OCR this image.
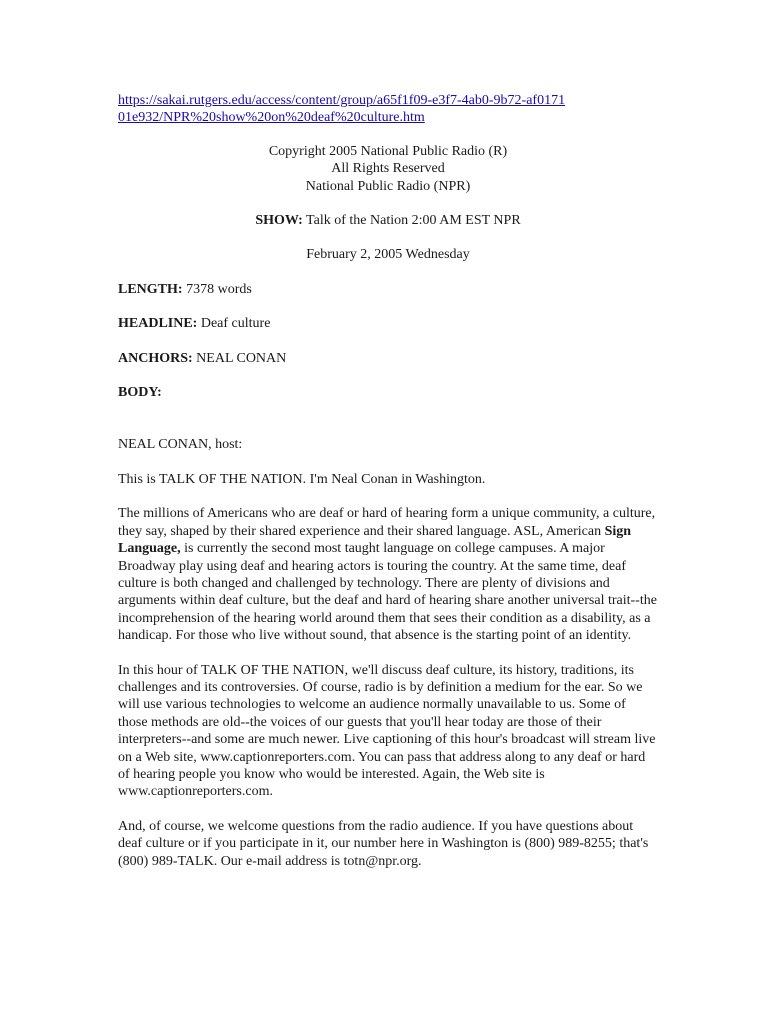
https://sakai.rutgers.edu/access/content/group/a65f1f09-e3f7-4ab0-9b72-af017101e932/NPR%20show%20on%20deaf%20culture.htm
Copyright 2005 National Public Radio (R)
All Rights Reserved
National Public Radio (NPR)
SHOW: Talk of the Nation 2:00 AM EST NPR
February 2, 2005 Wednesday
LENGTH: 7378 words
HEADLINE: Deaf culture
ANCHORS: NEAL CONAN
BODY:

NEAL CONAN, host:

This is TALK OF THE NATION. I'm Neal Conan in Washington.

The millions of Americans who are deaf or hard of hearing form a unique community, a culture, they say, shaped by their shared experience and their shared language. ASL, American Sign Language, is currently the second most taught language on college campuses. A major Broadway play using deaf and hearing actors is touring the country. At the same time, deaf culture is both changed and challenged by technology. There are plenty of divisions and arguments within deaf culture, but the deaf and hard of hearing share another universal trait--the incomprehension of the hearing world around them that sees their condition as a disability, as a handicap. For those who live without sound, that absence is the starting point of an identity.

In this hour of TALK OF THE NATION, we'll discuss deaf culture, its history, traditions, its challenges and its controversies. Of course, radio is by definition a medium for the ear. So we will use various technologies to welcome an audience normally unavailable to us. Some of those methods are old--the voices of our guests that you'll hear today are those of their interpreters--and some are much newer. Live captioning of this hour's broadcast will stream live on a Web site, www.captionreporters.com. You can pass that address along to any deaf or hard of hearing people you know who would be interested. Again, the Web site is www.captionreporters.com.

And, of course, we welcome questions from the radio audience. If you have questions about deaf culture or if you participate in it, our number here in Washington is (800) 989-8255; that's (800) 989-TALK. Our e-mail address is totn@npr.org.
